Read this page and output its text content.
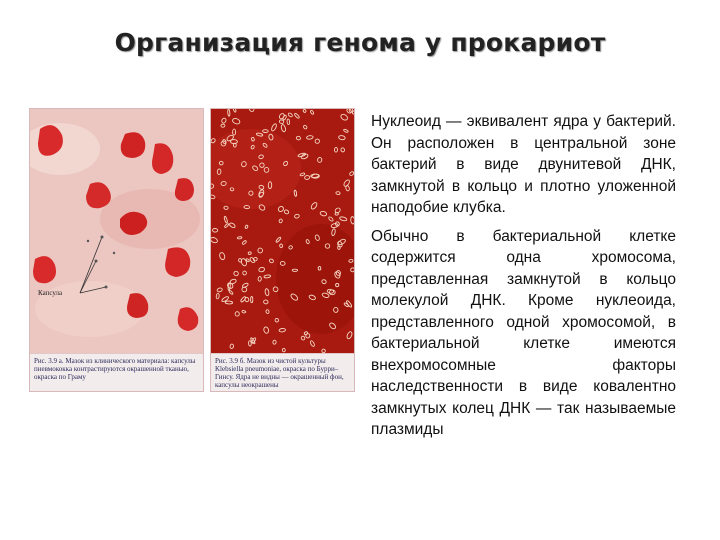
Организация генома у прокариот
Капсула
Рис. 3.9 а. Мазок из клинического материала: капсулы пневмококка контрастируются окрашенной тканью, окраска по Граму
Рис. 3.9 б. Мазок из чистой культуры Klebsiella pneumoniae, окраска по Бурри–Гинсу. Ядра не видны — окрашенный фон, капсулы неокрашены

Нуклеоид — эквивалент ядра у бактерий. Он расположен в центральной зоне бактерий в виде двунитевой ДНК, замкнутой в кольцо и плотно уложенной наподобие клубка.

Обычно в бактериальной клетке содержится одна хромосома, представленная замкнутой в кольцо молекулой ДНК. Кроме нуклеоида, представленного одной хромосомой, в бактериальной клетке имеются внехромосомные факторы наследственности в виде ковалентно замкнутых колец ДНК — так называемые плазмиды
